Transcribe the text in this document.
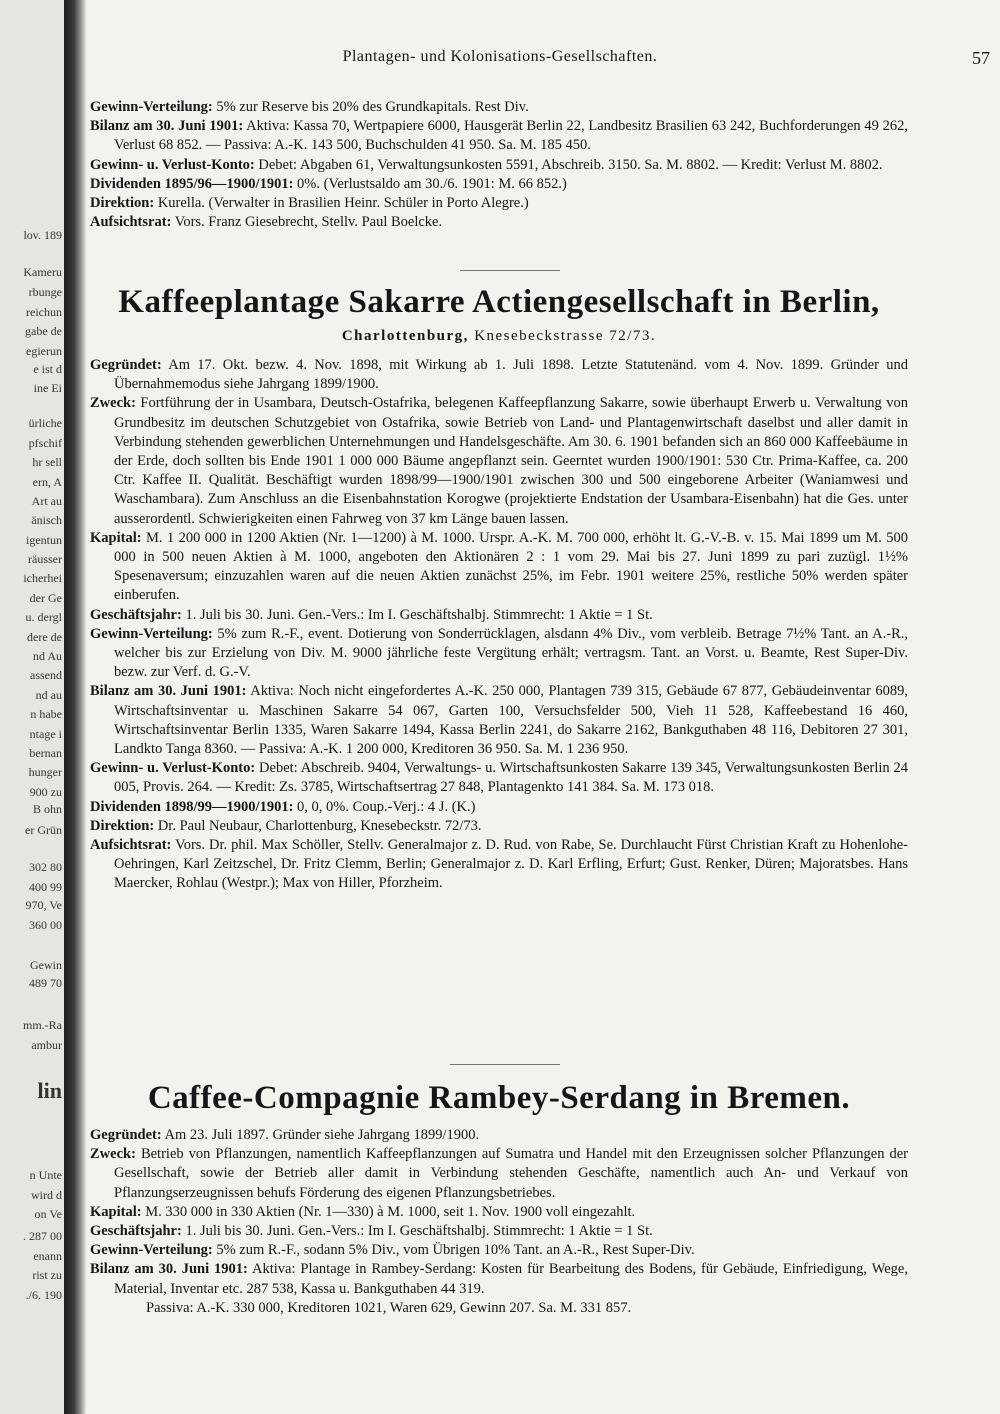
lov. 189
Kameru
rbunge
reichun
gabe de
egierun
e ist d
ine Ei
ürliche
pfschif
hr sell
ern, A
Art au
änisch
igentun
räusser
icherhei
der Ge
u. dergl
dere de
nd Au
assend
nd au
n habe
ntage i
bernan
hunger
900 zu
B ohn
er Grün
302 80
400 99
970, Ve
360 00
Gewin
489 70
mm.-Ra
ambur
lin
n Unte
wird d
on Ve
. 287 00
enann
rist zu
./6. 190
Plantagen- und Kolonisations-Gesellschaften.	57

Gewinn-Verteilung: 5% zur Reserve bis 20% des Grundkapitals. Rest Div.

Bilanz am 30. Juni 1901: Aktiva: Kassa 70, Wertpapiere 6000, Hausgerät Berlin 22, Landbesitz Brasilien 63 242, Buchforderungen 49 262, Verlust 68 852. — Passiva: A.-K. 143 500, Buchschulden 41 950. Sa. M. 185 450.

Gewinn- u. Verlust-Konto: Debet: Abgaben 61, Verwaltungsunkosten 5591, Abschreib. 3150. Sa. M. 8802. — Kredit: Verlust M. 8802.

Dividenden 1895/96—1900/1901: 0%. (Verlustsaldo am 30./6. 1901: M. 66 852.)

Direktion: Kurella. (Verwalter in Brasilien Heinr. Schüler in Porto Alegre.)

Aufsichtsrat: Vors. Franz Giesebrecht, Stellv. Paul Boelcke.

Kaffeeplantage Sakarre Actiengesellschaft in Berlin,
Charlottenburg, Knesebeckstrasse 72/73.

Gegründet: Am 17. Okt. bezw. 4. Nov. 1898, mit Wirkung ab 1. Juli 1898. Letzte Statutenänd. vom 4. Nov. 1899. Gründer und Übernahmemodus siehe Jahrgang 1899/1900.

Zweck: Fortführung der in Usambara, Deutsch-Ostafrika, belegenen Kaffeepflanzung Sakarre, sowie überhaupt Erwerb u. Verwaltung von Grundbesitz im deutschen Schutzgebiet von Ostafrika, sowie Betrieb von Land- und Plantagenwirtschaft daselbst und aller damit in Verbindung stehenden gewerblichen Unternehmungen und Handelsgeschäfte. Am 30. 6. 1901 befanden sich an 860 000 Kaffeebäume in der Erde, doch sollten bis Ende 1901 1 000 000 Bäume angepflanzt sein. Geerntet wurden 1900/1901: 530 Ctr. Prima-Kaffee, ca. 200 Ctr. Kaffee II. Qualität. Beschäftigt wurden 1898/99—1900/1901 zwischen 300 und 500 eingeborene Arbeiter (Waniamwesi und Waschambara). Zum Anschluss an die Eisenbahnstation Korogwe (projektierte Endstation der Usambara-Eisenbahn) hat die Ges. unter ausserordentl. Schwierigkeiten einen Fahrweg von 37 km Länge bauen lassen.

Kapital: M. 1 200 000 in 1200 Aktien (Nr. 1—1200) à M. 1000. Urspr. A.-K. M. 700 000, erhöht lt. G.-V.-B. v. 15. Mai 1899 um M. 500 000 in 500 neuen Aktien à M. 1000, angeboten den Aktionären 2 : 1 vom 29. Mai bis 27. Juni 1899 zu pari zuzügl. 1½% Spesenaversum; einzuzahlen waren auf die neuen Aktien zunächst 25%, im Febr. 1901 weitere 25%, restliche 50% werden später einberufen.

Geschäftsjahr: 1. Juli bis 30. Juni. Gen.-Vers.: Im I. Geschäftshalbj. Stimmrecht: 1 Aktie = 1 St.

Gewinn-Verteilung: 5% zum R.-F., event. Dotierung von Sonderrücklagen, alsdann 4% Div., vom verbleib. Betrage 7½% Tant. an A.-R., welcher bis zur Erzielung von Div. M. 9000 jährliche feste Vergütung erhält; vertragsm. Tant. an Vorst. u. Beamte, Rest Super-Div. bezw. zur Verf. d. G.-V.

Bilanz am 30. Juni 1901: Aktiva: Noch nicht eingefordertes A.-K. 250 000, Plantagen 739 315, Gebäude 67 877, Gebäudeinventar 6089, Wirtschaftsinventar u. Maschinen Sakarre 54 067, Garten 100, Versuchsfelder 500, Vieh 11 528, Kaffeebestand 16 460, Wirtschaftsinventar Berlin 1335, Waren Sakarre 1494, Kassa Berlin 2241, do Sakarre 2162, Bankguthaben 48 116, Debitoren 27 301, Landkto Tanga 8360. — Passiva: A.-K. 1 200 000, Kreditoren 36 950. Sa. M. 1 236 950.

Gewinn- u. Verlust-Konto: Debet: Abschreib. 9404, Verwaltungs- u. Wirtschaftsunkosten Sakarre 139 345, Verwaltungsunkosten Berlin 24 005, Provis. 264. — Kredit: Zs. 3785, Wirtschaftsertrag 27 848, Plantagenkto 141 384. Sa. M. 173 018.

Dividenden 1898/99—1900/1901: 0, 0, 0%. Coup.-Verj.: 4 J. (K.)

Direktion: Dr. Paul Neubaur, Charlottenburg, Knesebeckstr. 72/73.

Aufsichtsrat: Vors. Dr. phil. Max Schöller, Stellv. Generalmajor z. D. Rud. von Rabe, Se. Durchlaucht Fürst Christian Kraft zu Hohenlohe-Oehringen, Karl Zeitzschel, Dr. Fritz Clemm, Berlin; Generalmajor z. D. Karl Erfling, Erfurt; Gust. Renker, Düren; Majoratsbes. Hans Maercker, Rohlau (Westpr.); Max von Hiller, Pforzheim.

Caffee-Compagnie Rambey-Serdang in Bremen.

Gegründet: Am 23. Juli 1897. Gründer siehe Jahrgang 1899/1900.

Zweck: Betrieb von Pflanzungen, namentlich Kaffeepflanzungen auf Sumatra und Handel mit den Erzeugnissen solcher Pflanzungen der Gesellschaft, sowie der Betrieb aller damit in Verbindung stehenden Geschäfte, namentlich auch An- und Verkauf von Pflanzungserzeugnissen behufs Förderung des eigenen Pflanzungsbetriebes.

Kapital: M. 330 000 in 330 Aktien (Nr. 1—330) à M. 1000, seit 1. Nov. 1900 voll eingezahlt.

Geschäftsjahr: 1. Juli bis 30. Juni. Gen.-Vers.: Im I. Geschäftshalbj. Stimmrecht: 1 Aktie = 1 St.

Gewinn-Verteilung: 5% zum R.-F., sodann 5% Div., vom Übrigen 10% Tant. an A.-R., Rest Super-Div.

Bilanz am 30. Juni 1901: Aktiva: Plantage in Rambey-Serdang: Kosten für Bearbeitung des Bodens, für Gebäude, Einfriedigung, Wege, Material, Inventar etc. 287 538, Kassa u. Bankguthaben 44 319.

Passiva: A.-K. 330 000, Kreditoren 1021, Waren 629, Gewinn 207. Sa. M. 331 857.
